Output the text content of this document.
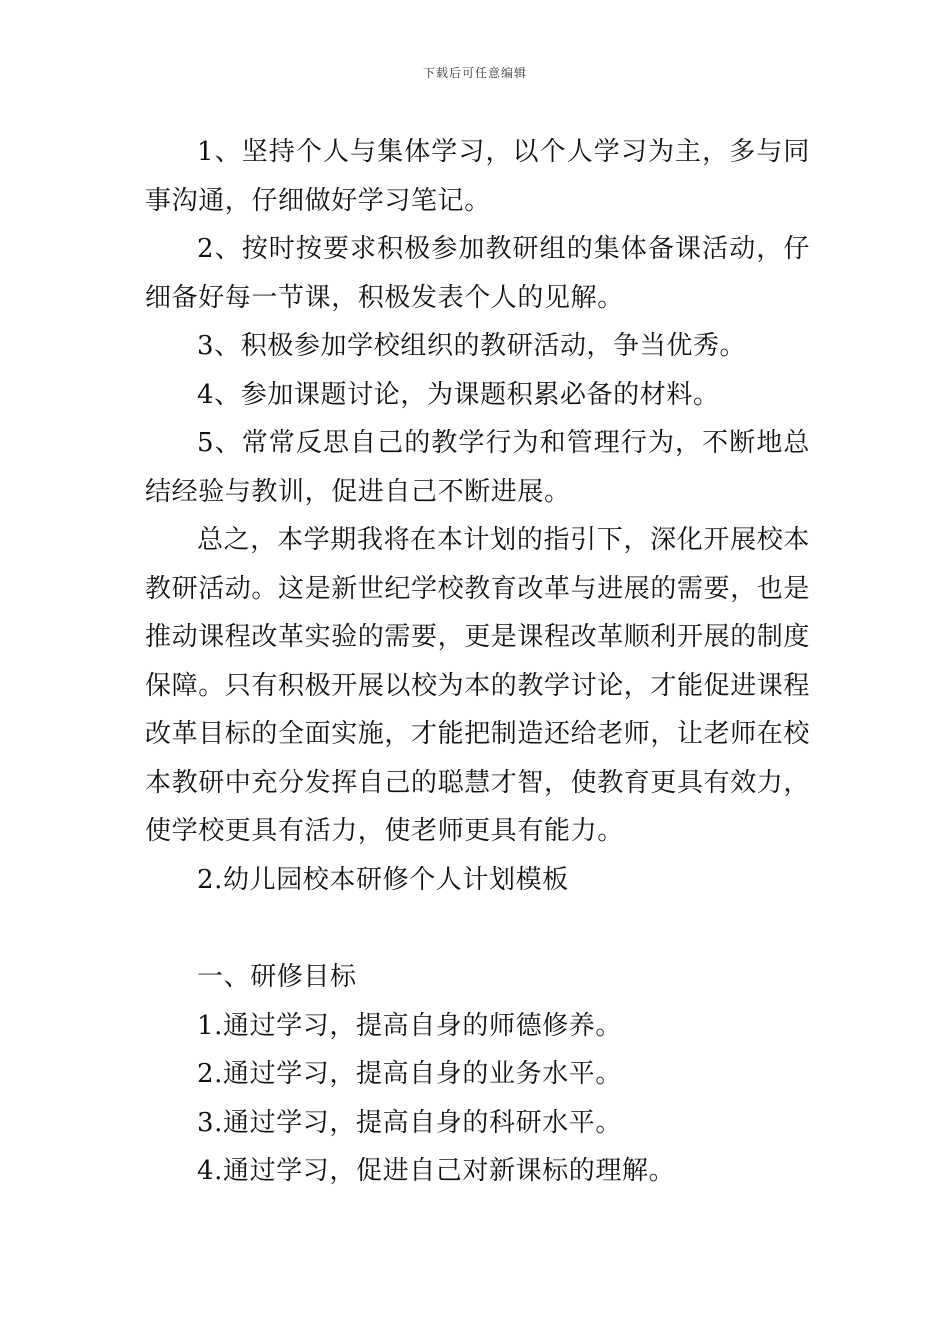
下载后可任意编辑

1、坚持个人与集体学习，以个人学习为主，多与同事沟通，仔细做好学习笔记。

2、按时按要求积极参加教研组的集体备课活动，仔细备好每一节课，积极发表个人的见解。

3、积极参加学校组织的教研活动，争当优秀。

4、参加课题讨论，为课题积累必备的材料。

5、常常反思自己的教学行为和管理行为，不断地总结经验与教训，促进自己不断进展。

总之，本学期我将在本计划的指引下，深化开展校本教研活动。这是新世纪学校教育改革与进展的需要，也是推动课程改革实验的需要，更是课程改革顺利开展的制度保障。只有积极开展以校为本的教学讨论，才能促进课程改革目标的全面实施，才能把制造还给老师，让老师在校本教研中充分发挥自己的聪慧才智，使教育更具有效力，使学校更具有活力，使老师更具有能力。

2.幼儿园校本研修个人计划模板

一、研修目标

1.通过学习，提高自身的师德修养。

2.通过学习，提高自身的业务水平。

3.通过学习，提高自身的科研水平。

4.通过学习，促进自己对新课标的理解。
